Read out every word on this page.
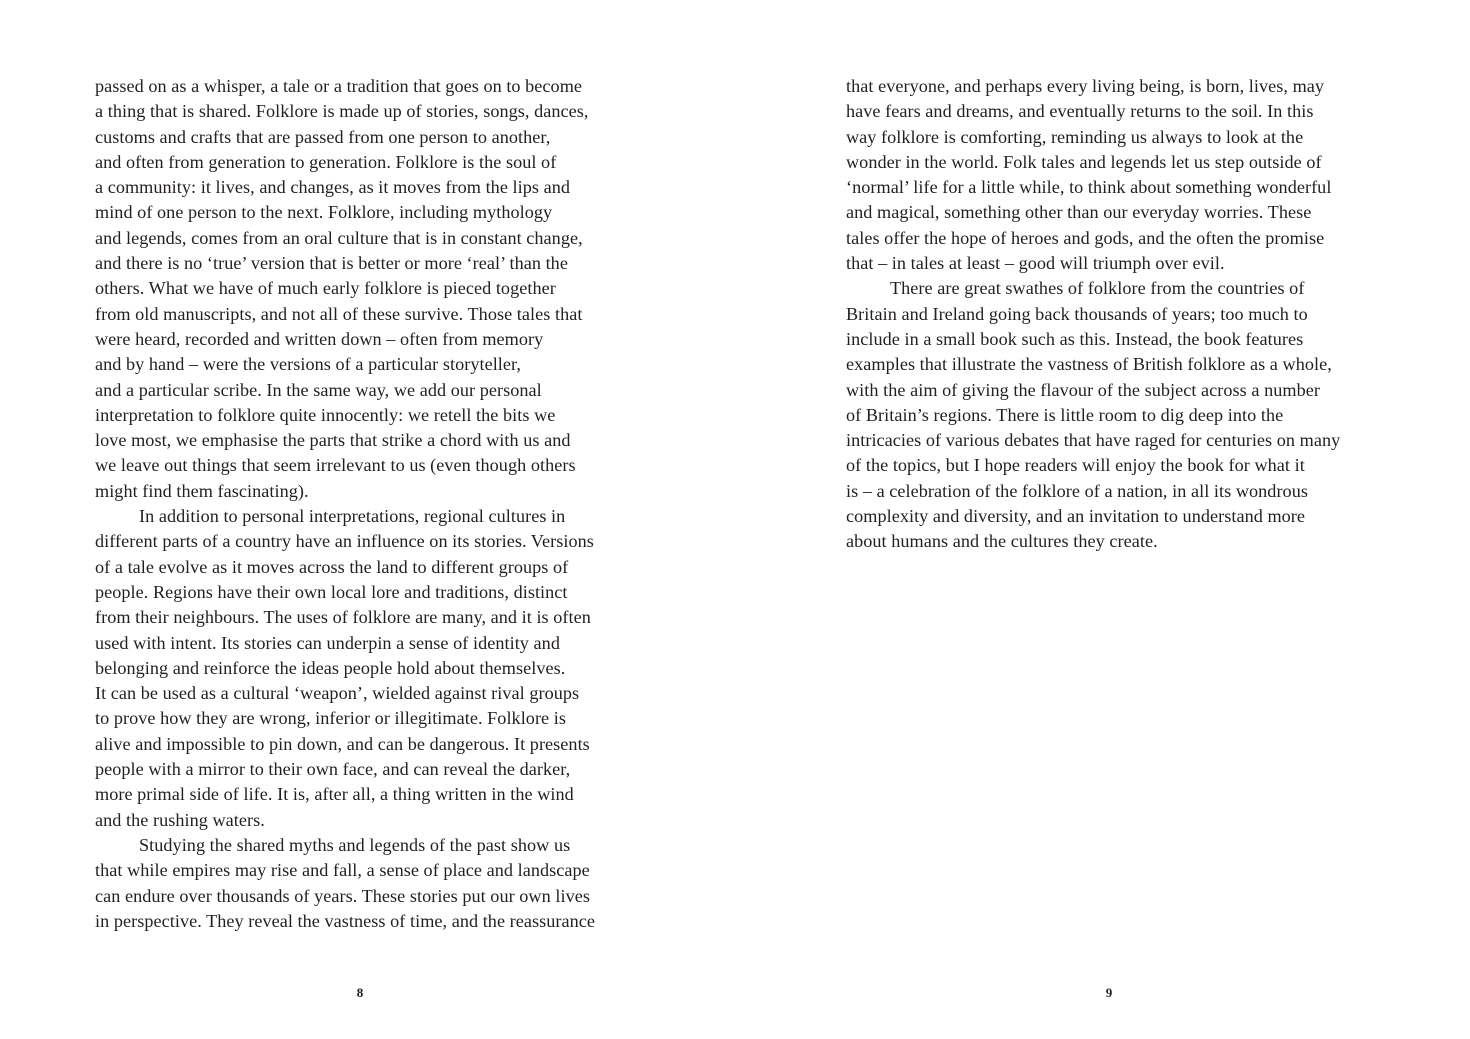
passed on as a whisper, a tale or a tradition that goes on to become
a thing that is shared. Folklore is made up of stories, songs, dances,
customs and crafts that are passed from one person to another,
and often from generation to generation. Folklore is the soul of
a community: it lives, and changes, as it moves from the lips and
mind of one person to the next. Folklore, including mythology
and legends, comes from an oral culture that is in constant change,
and there is no ‘true’ version that is better or more ‘real’ than the
others. What we have of much early folklore is pieced together
from old manuscripts, and not all of these survive. Those tales that
were heard, recorded and written down – often from memory
and by hand – were the versions of a particular storyteller,
and a particular scribe. In the same way, we add our personal
interpretation to folklore quite innocently: we retell the bits we
love most, we emphasise the parts that strike a chord with us and
we leave out things that seem irrelevant to us (even though others
might find them fascinating).
In addition to personal interpretations, regional cultures in
different parts of a country have an influence on its stories. Versions
of a tale evolve as it moves across the land to different groups of
people. Regions have their own local lore and traditions, distinct
from their neighbours. The uses of folklore are many, and it is often
used with intent. Its stories can underpin a sense of identity and
belonging and reinforce the ideas people hold about themselves.
It can be used as a cultural ‘weapon’, wielded against rival groups
to prove how they are wrong, inferior or illegitimate. Folklore is
alive and impossible to pin down, and can be dangerous. It presents
people with a mirror to their own face, and can reveal the darker,
more primal side of life. It is, after all, a thing written in the wind
and the rushing waters.
Studying the shared myths and legends of the past show us
that while empires may rise and fall, a sense of place and landscape
can endure over thousands of years. These stories put our own lives
in perspective. They reveal the vastness of time, and the reassurance
8
that everyone, and perhaps every living being, is born, lives, may
have fears and dreams, and eventually returns to the soil. In this
way folklore is comforting, reminding us always to look at the
wonder in the world. Folk tales and legends let us step outside of
‘normal’ life for a little while, to think about something wonderful
and magical, something other than our everyday worries. These
tales offer the hope of heroes and gods, and the often the promise
that – in tales at least – good will triumph over evil.
There are great swathes of folklore from the countries of
Britain and Ireland going back thousands of years; too much to
include in a small book such as this. Instead, the book features
examples that illustrate the vastness of British folklore as a whole,
with the aim of giving the flavour of the subject across a number
of Britain’s regions. There is little room to dig deep into the
intricacies of various debates that have raged for centuries on many
of the topics, but I hope readers will enjoy the book for what it
is – a celebration of the folklore of a nation, in all its wondrous
complexity and diversity, and an invitation to understand more
about humans and the cultures they create.
9
